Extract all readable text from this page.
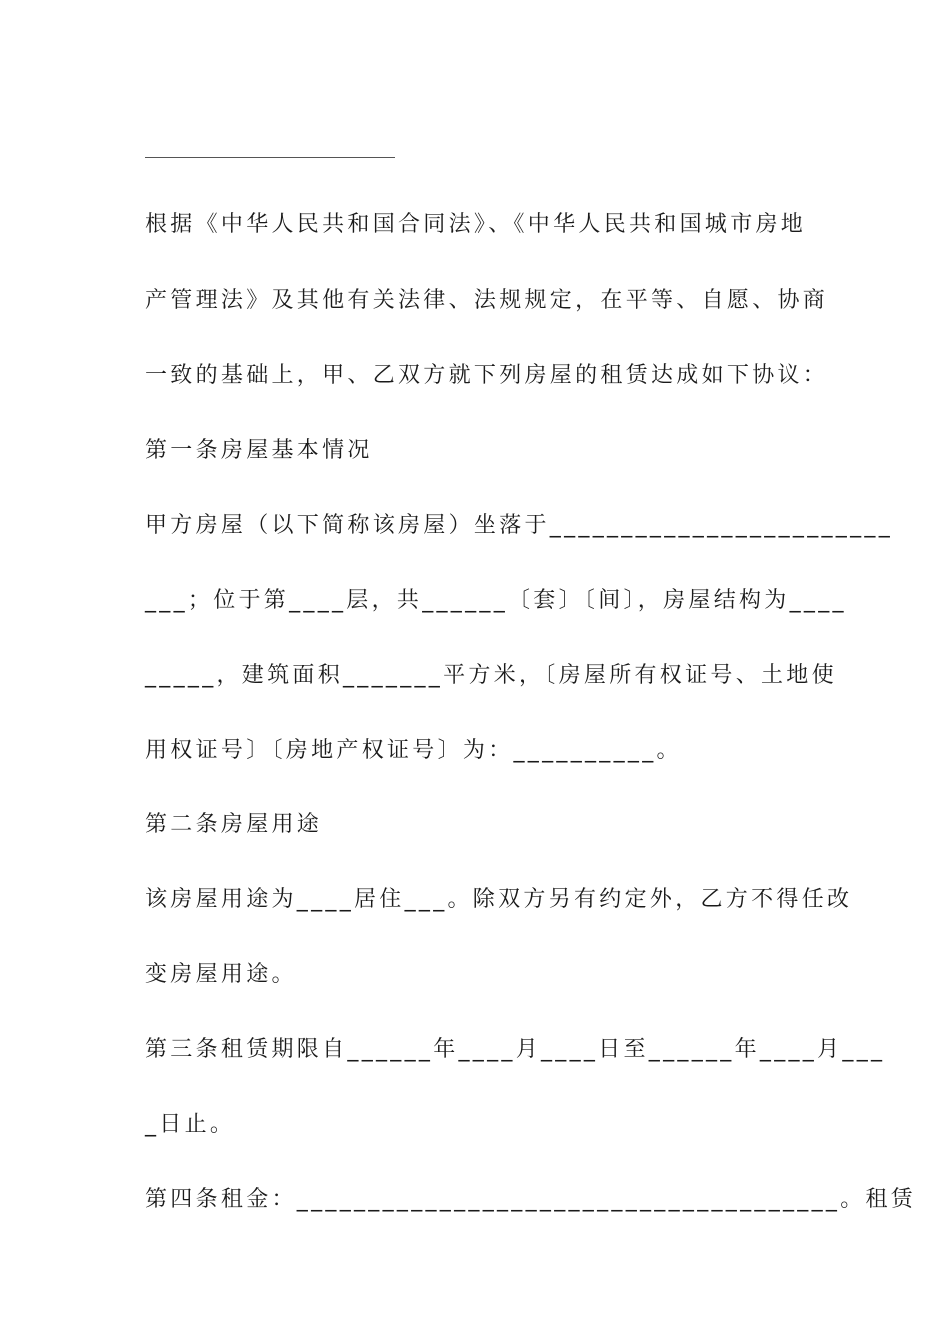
根据《中华人民共和国合同法》、《中华人民共和国城市房地
产管理法》及其他有关法律、法规规定，在平等、自愿、协商
一致的基础上，甲、乙双方就下列房屋的租赁达成如下协议：
第一条房屋基本情况
甲方房屋（以下简称该房屋）坐落于________________________
___；位于第____层，共______〔套〕〔间〕，房屋结构为____
_____，建筑面积_______平方米，〔房屋所有权证号、土地使
用权证号〕〔房地产权证号〕为：__________。
第二条房屋用途
该房屋用途为____居住___。除双方另有约定外，乙方不得任改
变房屋用途。
第三条租赁期限自______年____月____日至______年____月___
_日止。
第四条租金：______________________________________。租赁
